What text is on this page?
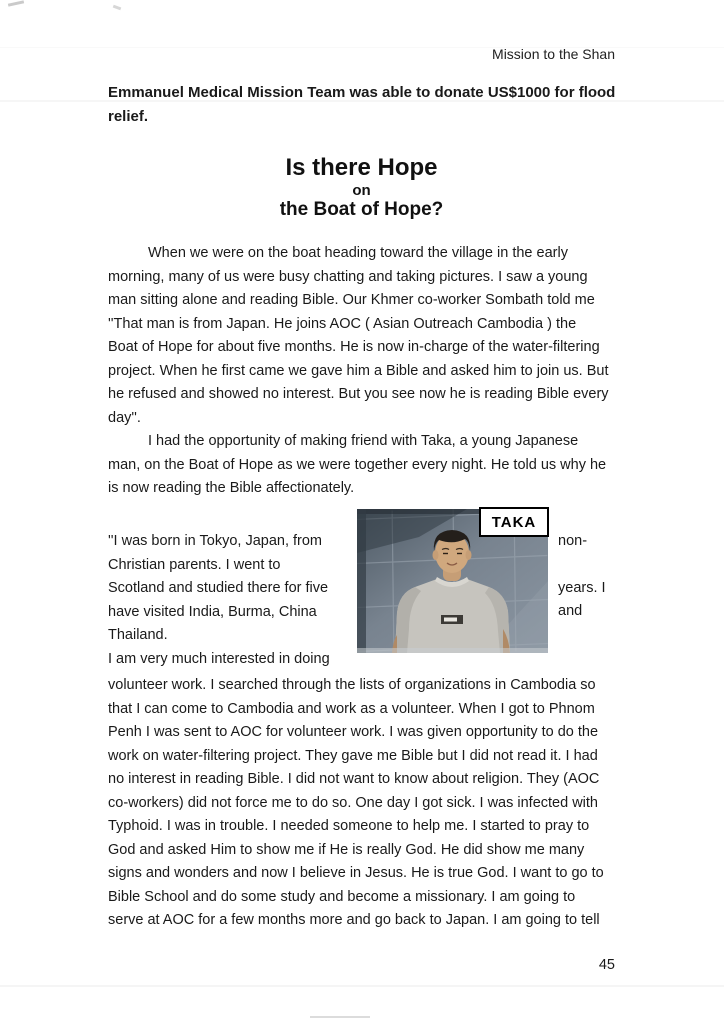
Mission to the Shan
Emmanuel Medical Mission Team was able to donate US$1000 for flood
relief.
Is there Hope
on
the Boat of Hope?
When we were on the boat heading toward the village in the early
morning, many of us were busy chatting and taking pictures. I saw a young
man sitting alone and reading Bible. Our Khmer co-worker Sombath told me
''That man is from Japan. He joins AOC ( Asian Outreach Cambodia ) the
Boat of Hope for about five months. He is now in-charge of the water-filtering
project. When he first came we gave him a Bible and asked him to join us. But
he refused and showed no interest. But you see now he is reading Bible every
day''.
I had the opportunity of making friend with Taka, a young Japanese
man, on the Boat of Hope as we were together every night. He told us why he
is now reading the Bible affectionately.
TAKA
''I was born in Tokyo, Japan, from
Christian parents. I went to
Scotland and studied there for five
have visited India, Burma, China
Thailand.
I am very much interested in doing
non-
years. I
and
volunteer work. I searched through the lists of organizations in Cambodia so
that I can come to Cambodia and work as a volunteer. When I got to Phnom
Penh I was sent to AOC for volunteer work. I was given opportunity to do the
work on water-filtering project. They gave me Bible but I did not read it. I had
no interest in reading Bible. I did not want to know about religion. They (AOC
co-workers) did not force me to do so. One day I got sick. I was infected with
Typhoid. I was in trouble. I needed someone to help me. I started to pray to
God and asked Him to show me if He is really God. He did show me many
signs and wonders and now I believe in Jesus. He is true God. I want to go to
Bible School and do some study and become a missionary. I am going to
serve at AOC for a few months more and go back to Japan. I am going to tell
45
